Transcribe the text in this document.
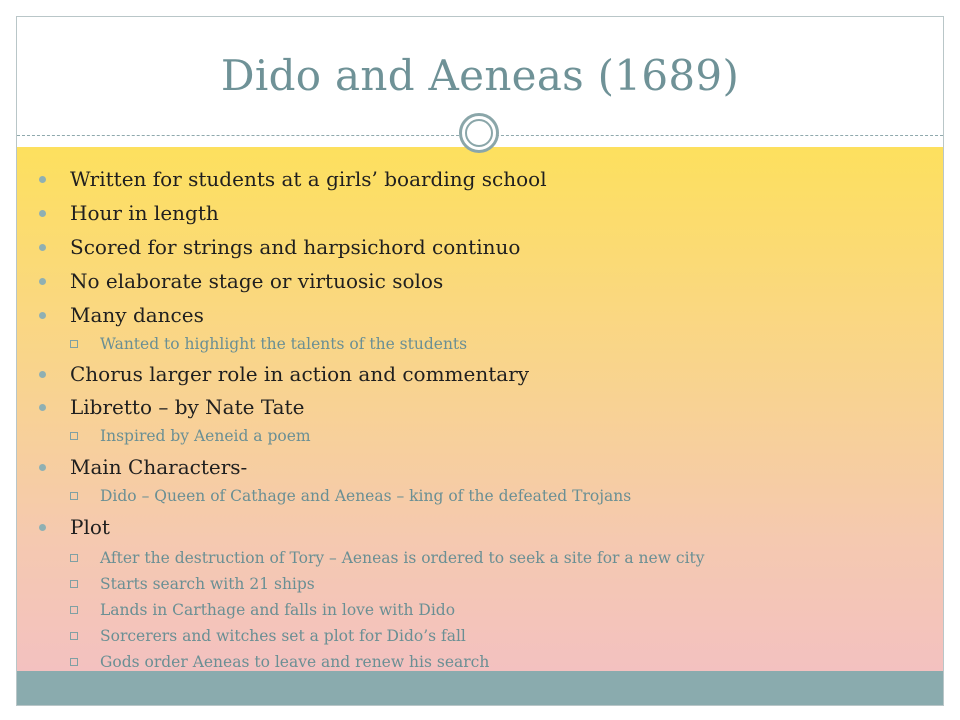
Dido and Aeneas (1689)
Written for students at a girls’ boarding school
Hour in length
Scored for strings and harpsichord continuo
No elaborate stage or virtuosic solos
Many dances
Wanted to highlight the talents of the students
Chorus larger role in action and commentary
Libretto – by Nate Tate
Inspired by Aeneid a poem
Main Characters-
Dido – Queen of Cathage and Aeneas – king of the defeated Trojans
Plot
After the destruction of Tory – Aeneas is ordered to seek a site for a new city
Starts search with 21 ships
Lands in Carthage and falls in love with Dido
Sorcerers and witches set a plot for Dido’s fall
Gods order Aeneas to leave and renew his search
